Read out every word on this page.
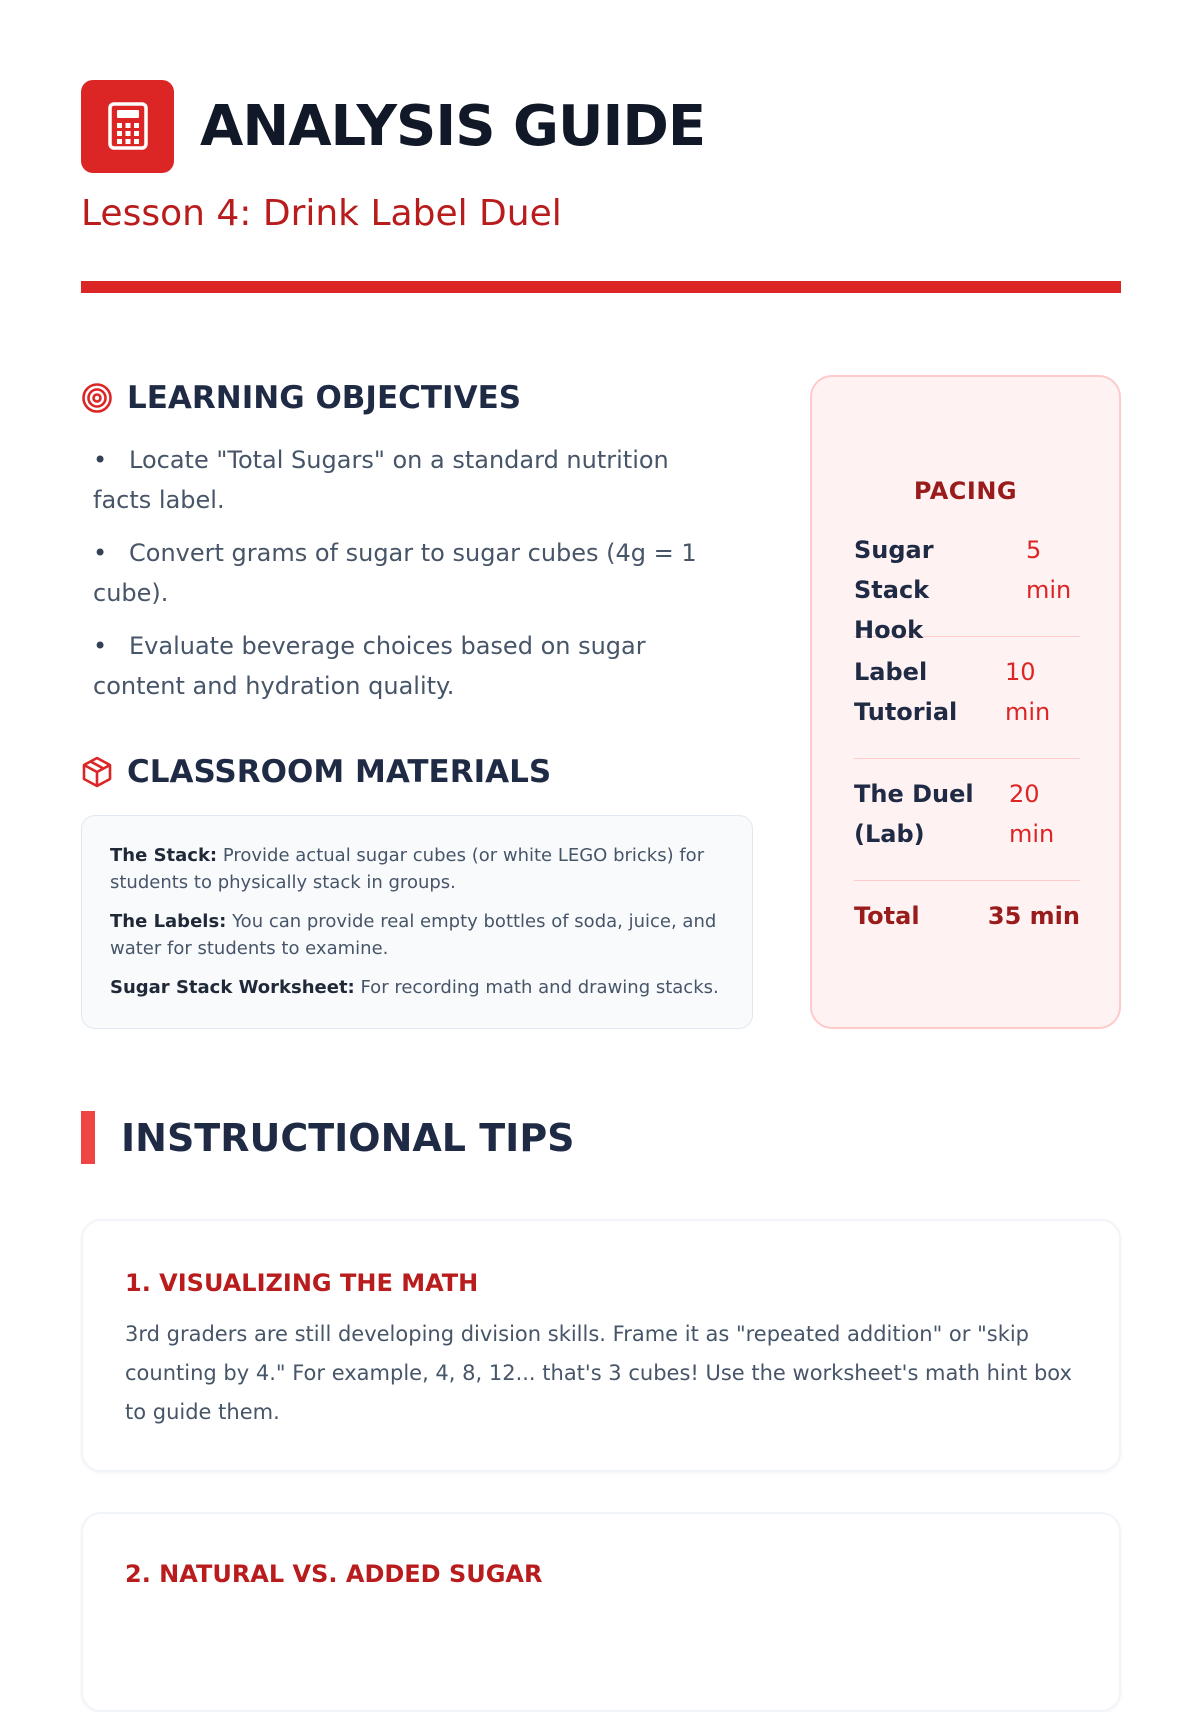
ANALYSIS GUIDE
Lesson 4: Drink Label Duel
LEARNING OBJECTIVES
• Locate "Total Sugars" on a standard nutrition facts label.
• Convert grams of sugar to sugar cubes (4g = 1 cube).
• Evaluate beverage choices based on sugar content and hydration quality.
CLASSROOM MATERIALS
The Stack: Provide actual sugar cubes (or white LEGO bricks) for students to physically stack in groups.
The Labels: You can provide real empty bottles of soda, juice, and water for students to examine.
Sugar Stack Worksheet: For recording math and drawing stacks.
PACING
Sugar Stack Hook
5 min
Label Tutorial
10 min
The Duel (Lab)
20 min
Total	35 min
INSTRUCTIONAL TIPS
1. VISUALIZING THE MATH
3rd graders are still developing division skills. Frame it as "repeated addition" or "skip counting by 4." For example, 4, 8, 12... that's 3 cubes! Use the worksheet's math hint box to guide them.
2. NATURAL VS. ADDED SUGAR
